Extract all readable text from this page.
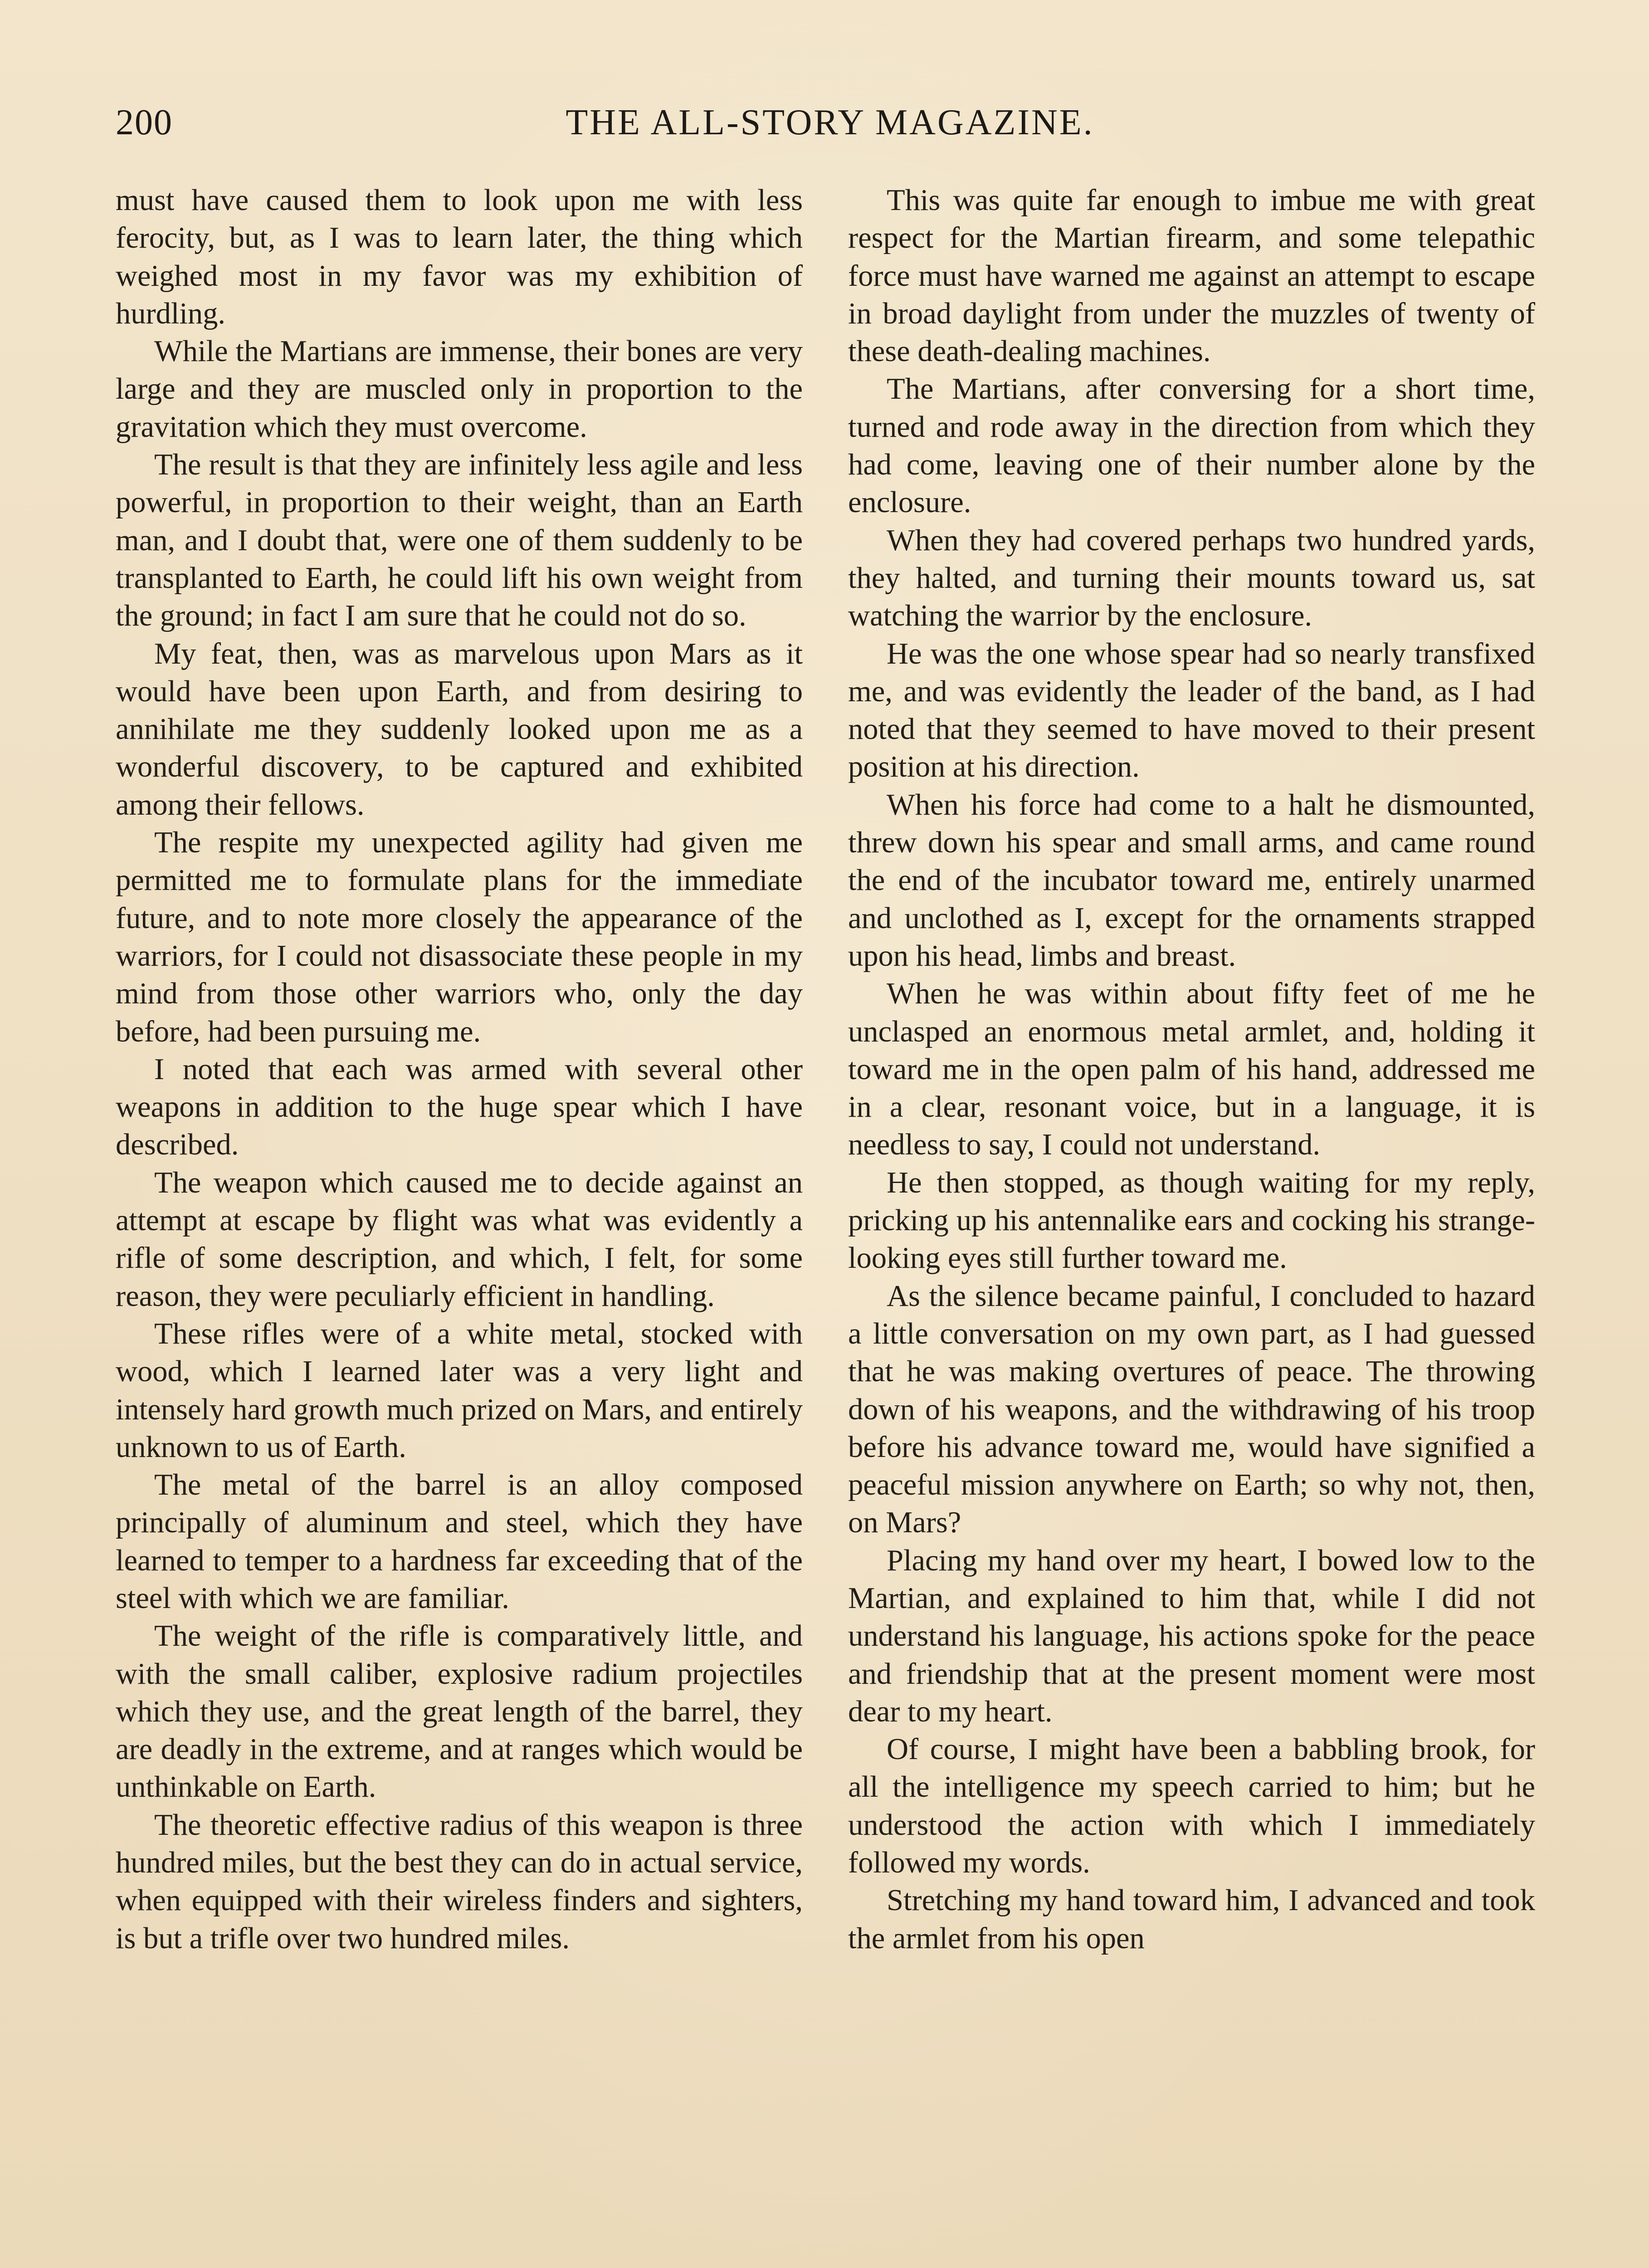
200	THE ALL-STORY MAGAZINE.

must have caused them to look upon me with less ferocity, but, as I was to learn later, the thing which weighed most in my favor was my exhibition of hurdling.

While the Martians are immense, their bones are very large and they are muscled only in proportion to the gravitation which they must overcome.

The result is that they are infinitely less agile and less powerful, in proportion to their weight, than an Earth man, and I doubt that, were one of them suddenly to be transplanted to Earth, he could lift his own weight from the ground; in fact I am sure that he could not do so.

My feat, then, was as marvelous upon Mars as it would have been upon Earth, and from desiring to annihilate me they suddenly looked upon me as a wonderful discovery, to be captured and exhibited among their fellows.

The respite my unexpected agility had given me permitted me to formulate plans for the immediate future, and to note more closely the appearance of the warriors, for I could not disassociate these people in my mind from those other warriors who, only the day before, had been pursuing me.

I noted that each was armed with several other weapons in addition to the huge spear which I have described.

The weapon which caused me to decide against an attempt at escape by flight was what was evidently a rifle of some description, and which, I felt, for some reason, they were peculiarly efficient in handling.

These rifles were of a white metal, stocked with wood, which I learned later was a very light and intensely hard growth much prized on Mars, and entirely unknown to us of Earth.

The metal of the barrel is an alloy composed principally of aluminum and steel, which they have learned to temper to a hardness far exceeding that of the steel with which we are familiar.

The weight of the rifle is comparatively little, and with the small caliber, explosive radium projectiles which they use, and the great length of the barrel, they are deadly in the extreme, and at ranges which would be unthinkable on Earth.

The theoretic effective radius of this weapon is three hundred miles, but the best they can do in actual service, when equipped with their wireless finders and sighters, is but a trifle over two hundred miles.

This was quite far enough to imbue me with great respect for the Martian firearm, and some telepathic force must have warned me against an attempt to escape in broad daylight from under the muzzles of twenty of these death-dealing machines.

The Martians, after conversing for a short time, turned and rode away in the direction from which they had come, leaving one of their number alone by the enclosure.

When they had covered perhaps two hundred yards, they halted, and turning their mounts toward us, sat watching the warrior by the enclosure.

He was the one whose spear had so nearly transfixed me, and was evidently the leader of the band, as I had noted that they seemed to have moved to their present position at his direction.

When his force had come to a halt he dismounted, threw down his spear and small arms, and came round the end of the incubator toward me, entirely unarmed and unclothed as I, except for the ornaments strapped upon his head, limbs and breast.

When he was within about fifty feet of me he unclasped an enormous metal armlet, and, holding it toward me in the open palm of his hand, addressed me in a clear, resonant voice, but in a language, it is needless to say, I could not understand.

He then stopped, as though waiting for my reply, pricking up his antennalike ears and cocking his strange-looking eyes still further toward me.

As the silence became painful, I concluded to hazard a little conversation on my own part, as I had guessed that he was making overtures of peace. The throwing down of his weapons, and the withdrawing of his troop before his advance toward me, would have signified a peaceful mission anywhere on Earth; so why not, then, on Mars?

Placing my hand over my heart, I bowed low to the Martian, and explained to him that, while I did not understand his language, his actions spoke for the peace and friendship that at the present moment were most dear to my heart.

Of course, I might have been a babbling brook, for all the intelligence my speech carried to him; but he understood the action with which I immediately followed my words.

Stretching my hand toward him, I advanced and took the armlet from his open
